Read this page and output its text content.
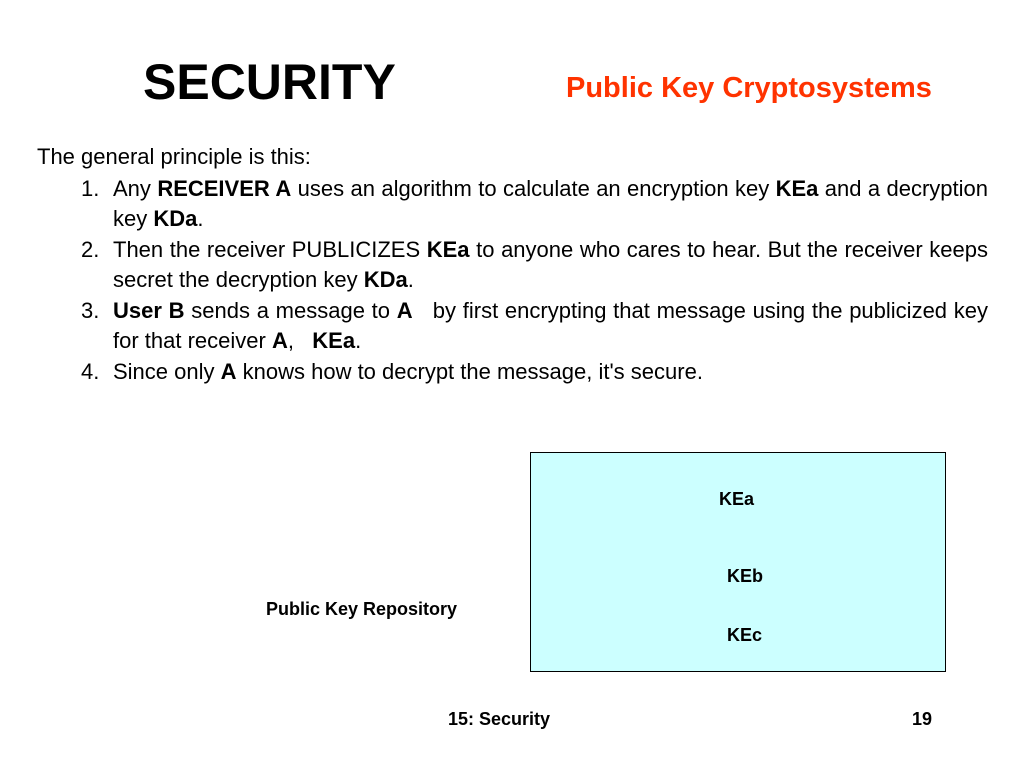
SECURITY	Public Key Cryptosystems
The general principle is this:
1. Any RECEIVER A uses an algorithm to calculate an encryption key KEa and a decryption key KDa.
2. Then the receiver PUBLICIZES KEa to anyone who cares to hear. But the receiver keeps secret the decryption key KDa.
3. User B sends a message to A   by first encrypting that message using the publicized key for that receiver A,   KEa.
4. Since only A knows how to decrypt the message, it's secure.
Public Key Repository
KEa
KEb
KEc
15: Security	19
